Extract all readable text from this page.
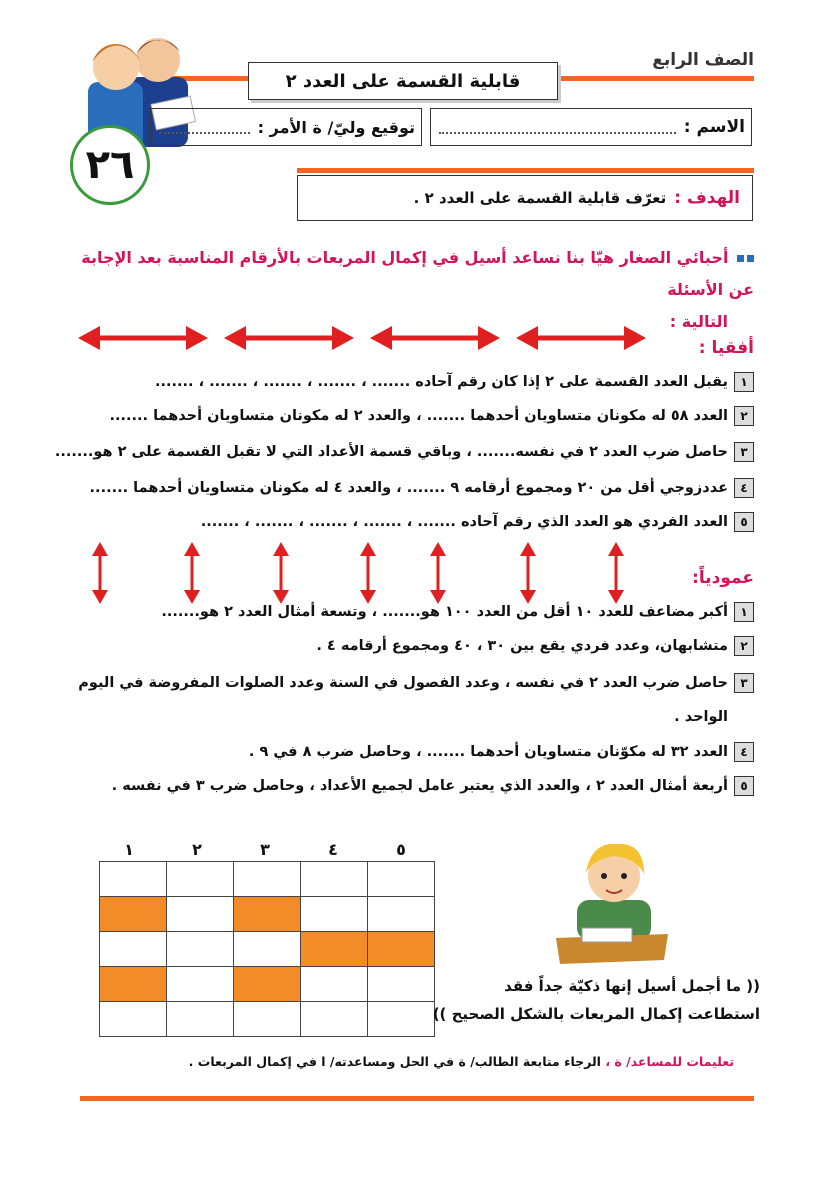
الصف الرابع
قابلية القسمة على العدد ٢
الاسم :
توقيع وليّ/ ة الأمر :
٢٦
الهدف :
تعرّف قابلية القسمة على العدد ٢ .
أحبائي الصغار هيّا بنا نساعد أسيل في إكمال المربعات بالأرقام المناسبة بعد الإجابة عن الأسئلة
التالية :
أفقيا :
١
يقبل العدد القسمة على ٢ إذا كان رقم آحاده ....... ، ....... ، ....... ، ....... ، .......
٢
العدد ٥٨ له مكونان متساويان أحدهما ....... ، والعدد ٢ له مكونان متساويان أحدهما .......
٣
حاصل ضرب العدد ٢ في نفسه....... ، وباقي قسمة الأعداد التي لا تقبل القسمة على ٢ هو.......
٤
عددزوجي أقل من ٢٠ ومجموع أرقامه ٩ ....... ، والعدد ٤ له مكونان متساويان أحدهما .......
٥
العدد الفردي هو العدد الذي رقم آحاده ....... ، ....... ، ....... ، ....... ، .......
عمودياً:
١
أكبر مضاعف للعدد ١٠ أقل من العدد ١٠٠ هو....... ، وتسعة أمثال العدد ٢ هو.......
٢
متشابهان، وعدد فردي يقع بين ٣٠ ، ٤٠ ومجموع أرقامه ٤ .
٣
حاصل ضرب العدد ٢ في نفسه ، وعدد الفصول في السنة وعدد الصلوات المفروضة في اليوم الواحد .
٤
العدد ٣٢ له مكوّنان متساويان أحدهما ....... ، وحاصل ضرب ٨ في ٩ .
٥
أربعة أمثال العدد ٢ ، والعدد الذي يعتبر عامل لجميع الأعداد ، وحاصل ضرب ٣ في نفسه .
١	٢	٣	٤	٥

(( ما أجمل أسيل إنها ذكيّة جداً فقد
استطاعت إكمال المربعات بالشكل الصحيح ))
تعليمات للمساعد/ ة ، الرجاء متابعة الطالب/ ة في الحل ومساعدته/ ا في إكمال المربعات .
